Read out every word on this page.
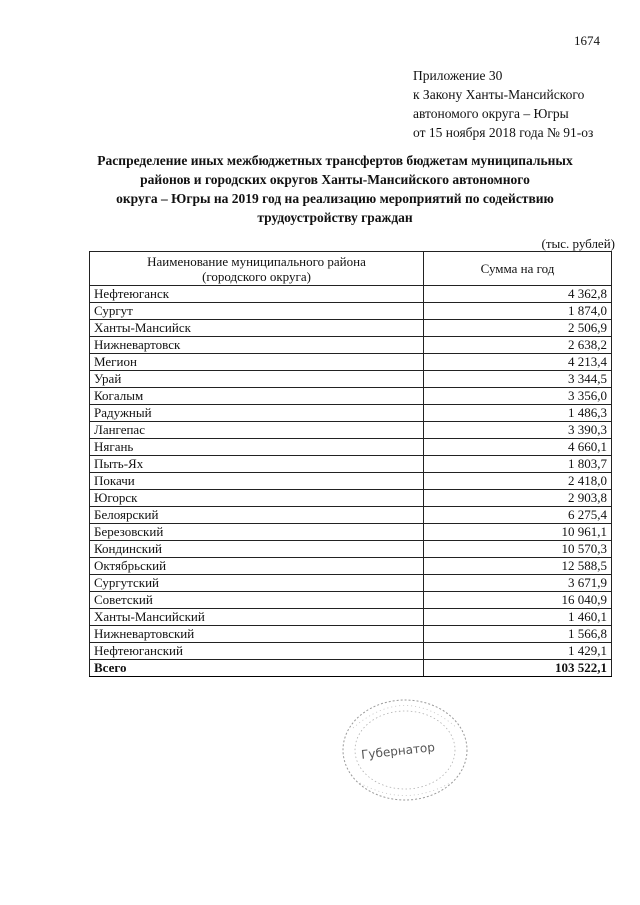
1674
Приложение 30
к Закону Ханты-Мансийского
автономого округа – Югры
от 15 ноября 2018 года № 91-оз
Распределение иных межбюджетных трансфертов бюджетам муниципальных
районов и городских округов Ханты-Мансийского автономного
округа – Югры на 2019 год на реализацию мероприятий по содействию
трудоустройству граждан
(тыс. рублей)
Наименование муниципального района
(городского округа)	Сумма на год
Нефтеюганск	4 362,8
Сургут	1 874,0
Ханты-Мансийск	2 506,9
Нижневартовск	2 638,2
Мегион	4 213,4
Урай	3 344,5
Когалым	3 356,0
Радужный	1 486,3
Лангепас	3 390,3
Нягань	4 660,1
Пыть-Ях	1 803,7
Покачи	2 418,0
Югорск	2 903,8
Белоярский	6 275,4
Березовский	10 961,1
Кондинский	10 570,3
Октябрьский	12 588,5
Сургутский	3 671,9
Советский	16 040,9
Ханты-Мансийский	1 460,1
Нижневартовский	1 566,8
Нефтеюганский	1 429,1
Всего	103 522,1
Губернатор
